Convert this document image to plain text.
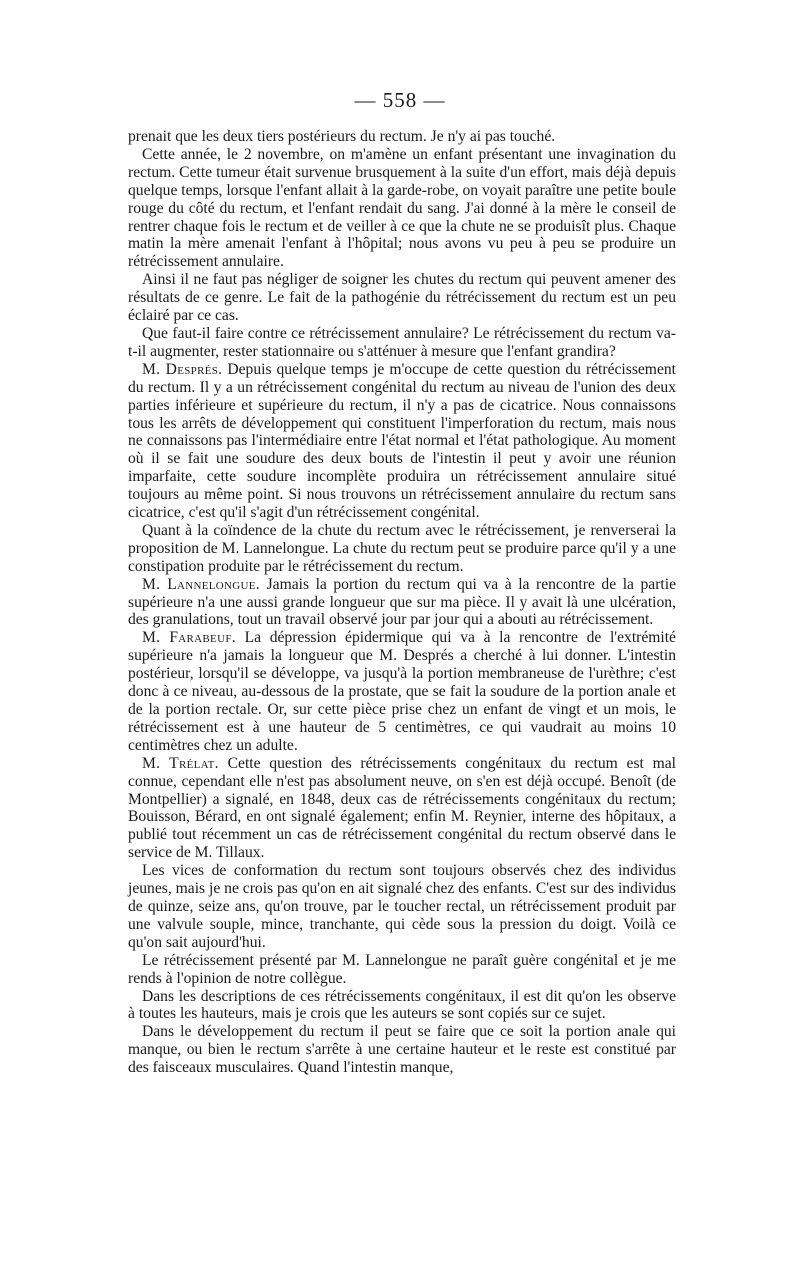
— 558 —

prenait que les deux tiers postérieurs du rectum. Je n'y ai pas touché.

Cette année, le 2 novembre, on m'amène un enfant présentant une invagination du rectum. Cette tumeur était survenue brusquement à la suite d'un effort, mais déjà depuis quelque temps, lorsque l'enfant allait à la garde-robe, on voyait paraître une petite boule rouge du côté du rectum, et l'enfant rendait du sang. J'ai donné à la mère le conseil de rentrer chaque fois le rectum et de veiller à ce que la chute ne se produisît plus. Chaque matin la mère amenait l'enfant à l'hôpital; nous avons vu peu à peu se produire un rétrécissement annulaire.

Ainsi il ne faut pas négliger de soigner les chutes du rectum qui peuvent amener des résultats de ce genre. Le fait de la pathogénie du rétrécissement du rectum est un peu éclairé par ce cas.

Que faut-il faire contre ce rétrécissement annulaire? Le rétrécissement du rectum va-t-il augmenter, rester stationnaire ou s'atténuer à mesure que l'enfant grandira?

M. Després. Depuis quelque temps je m'occupe de cette question du rétrécissement du rectum. Il y a un rétrécissement congénital du rectum au niveau de l'union des deux parties inférieure et supérieure du rectum, il n'y a pas de cicatrice. Nous connaissons tous les arrêts de développement qui constituent l'imperforation du rectum, mais nous ne connaissons pas l'intermédiaire entre l'état normal et l'état pathologique. Au moment où il se fait une soudure des deux bouts de l'intestin il peut y avoir une réunion imparfaite, cette soudure incomplète produira un rétrécissement annulaire situé toujours au même point. Si nous trouvons un rétrécissement annulaire du rectum sans cicatrice, c'est qu'il s'agit d'un rétrécissement congénital.

Quant à la coïndence de la chute du rectum avec le rétrécissement, je renverserai la proposition de M. Lannelongue. La chute du rectum peut se produire parce qu'il y a une constipation produite par le rétrécissement du rectum.

M. Lannelongue. Jamais la portion du rectum qui va à la rencontre de la partie supérieure n'a une aussi grande longueur que sur ma pièce. Il y avait là une ulcération, des granulations, tout un travail observé jour par jour qui a abouti au rétrécissement.

M. Farabeuf. La dépression épidermique qui va à la rencontre de l'extrémité supérieure n'a jamais la longueur que M. Després a cherché à lui donner. L'intestin postérieur, lorsqu'il se développe, va jusqu'à la portion membraneuse de l'urèthre; c'est donc à ce niveau, au-dessous de la prostate, que se fait la soudure de la portion anale et de la portion rectale. Or, sur cette pièce prise chez un enfant de vingt et un mois, le rétrécissement est à une hauteur de 5 centimètres, ce qui vaudrait au moins 10 centimètres chez un adulte.

M. Trélat. Cette question des rétrécissements congénitaux du rectum est mal connue, cependant elle n'est pas absolument neuve, on s'en est déjà occupé. Benoît (de Montpellier) a signalé, en 1848, deux cas de rétrécissements congénitaux du rectum; Bouisson, Bérard, en ont signalé également; enfin M. Reynier, interne des hôpitaux, a publié tout récemment un cas de rétrécissement congénital du rectum observé dans le service de M. Tillaux.

Les vices de conformation du rectum sont toujours observés chez des individus jeunes, mais je ne crois pas qu'on en ait signalé chez des enfants. C'est sur des individus de quinze, seize ans, qu'on trouve, par le toucher rectal, un rétrécissement produit par une valvule souple, mince, tranchante, qui cède sous la pression du doigt. Voilà ce qu'on sait aujourd'hui.

Le rétrécissement présenté par M. Lannelongue ne paraît guère congénital et je me rends à l'opinion de notre collègue.

Dans les descriptions de ces rétrécissements congénitaux, il est dit qu'on les observe à toutes les hauteurs, mais je crois que les auteurs se sont copiés sur ce sujet.

Dans le développement du rectum il peut se faire que ce soit la portion anale qui manque, ou bien le rectum s'arrête à une certaine hauteur et le reste est constitué par des faisceaux musculaires. Quand l'intestin manque,
